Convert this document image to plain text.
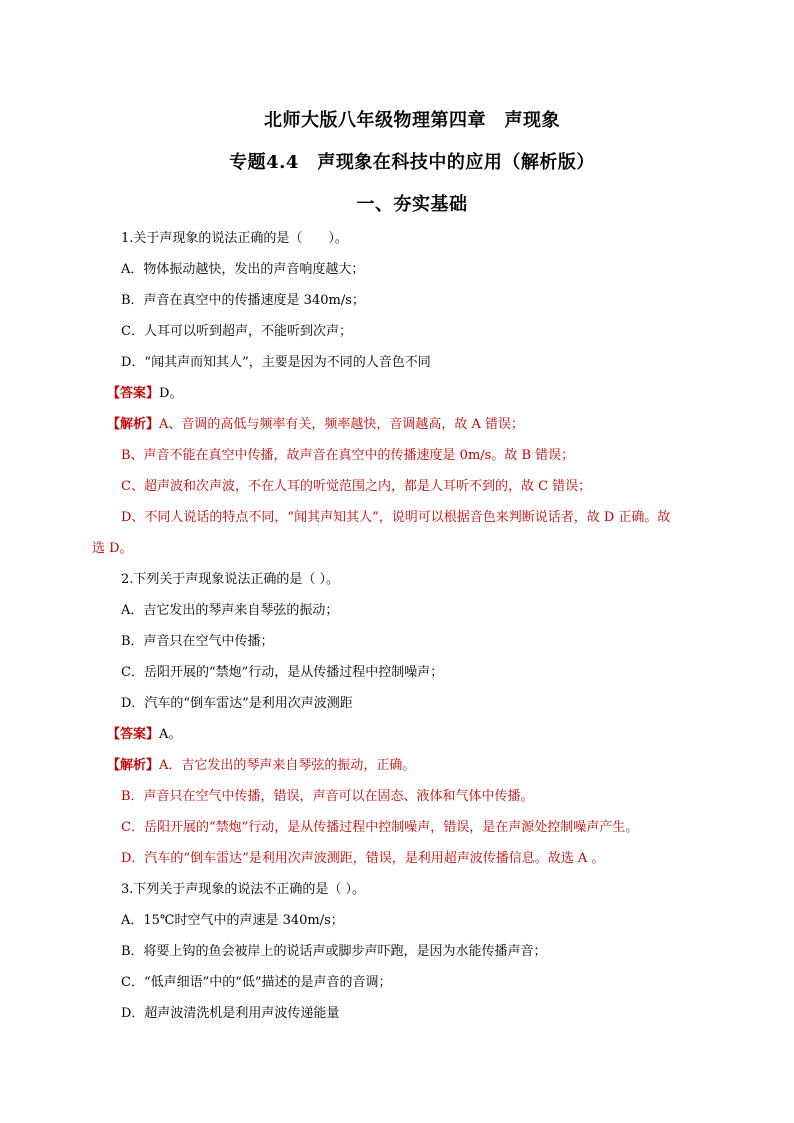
北师大版八年级物理第四章　声现象
专题4.4　声现象在科技中的应用（解析版）
一、夯实基础
1.关于声现象的说法正确的是（　　）。
A．物体振动越快，发出的声音响度越大；
B．声音在真空中的传播速度是 340m/s；
C．人耳可以听到超声，不能听到次声；
D．“闻其声而知其人”，主要是因为不同的人音色不同
【答案】D。
【解析】A、音调的高低与频率有关，频率越快，音调越高，故 A 错误；
B、声音不能在真空中传播，故声音在真空中的传播速度是 0m/s。故 B 错误；
C、超声波和次声波，不在人耳的听觉范围之内，都是人耳听不到的，故 C 错误；
D、不同人说话的特点不同，“闻其声知其人”，说明可以根据音色来判断说话者，故 D 正确。故
选 D。
2.下列关于声现象说法正确的是（ ）。
A．吉它发出的琴声来自琴弦的振动；
B．声音只在空气中传播；
C．岳阳开展的“禁炮”行动，是从传播过程中控制噪声；
D．汽车的“倒车雷达”是利用次声波测距
【答案】A。
【解析】A．吉它发出的琴声来自琴弦的振动，正确。
B．声音只在空气中传播，错误，声音可以在固态、液体和气体中传播。
C．岳阳开展的“禁炮”行动，是从传播过程中控制噪声，错误，是在声源处控制噪声产生。
D．汽车的“倒车雷达”是利用次声波测距，错误，是利用超声波传播信息。故选 A 。
3.下列关于声现象的说法不正确的是（ ）。
A．15℃时空气中的声速是 340m/s；
B．将要上钩的鱼会被岸上的说话声或脚步声吓跑，是因为水能传播声音；
C．“低声细语”中的“低”描述的是声音的音调；
D．超声波清洗机是利用声波传递能量
